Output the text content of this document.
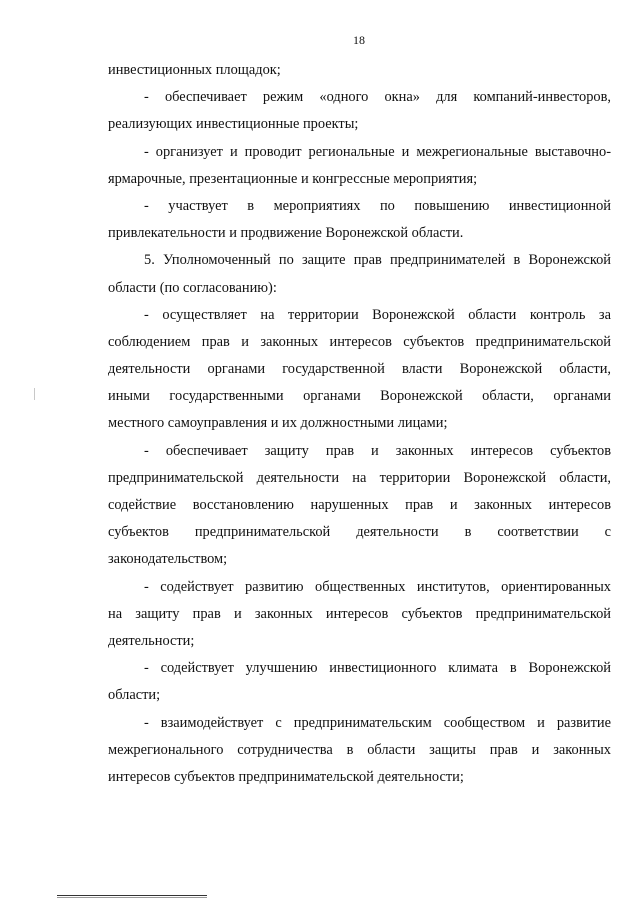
18
инвестиционных площадок;
- обеспечивает режим «одного окна» для компаний-инвесторов,
реализующих инвестиционные проекты;
- организует и проводит региональные и межрегиональные выставочно-
ярмарочные, презентационные и конгрессные мероприятия;
- участвует в мероприятиях по повышению инвестиционной
привлекательности и продвижение Воронежской области.
5. Уполномоченный по защите прав предпринимателей в Воронежской
области (по согласованию):
- осуществляет на территории Воронежской области контроль за
соблюдением прав и законных интересов субъектов предпринимательской
деятельности органами государственной власти Воронежской области,
иными государственными органами Воронежской области, органами
местного самоуправления и их должностными лицами;
- обеспечивает защиту прав и законных интересов субъектов
предпринимательской деятельности на территории Воронежской области,
содействие восстановлению нарушенных прав и законных интересов
субъектов предпринимательской деятельности в соответствии с
законодательством;
- содействует развитию общественных институтов, ориентированных
на защиту прав и законных интересов субъектов предпринимательской
деятельности;
- содействует улучшению инвестиционного климата в Воронежской
области;
- взаимодействует с предпринимательским сообществом и развитие
межрегионального сотрудничества в области защиты прав и законных
интересов субъектов предпринимательской деятельности;
